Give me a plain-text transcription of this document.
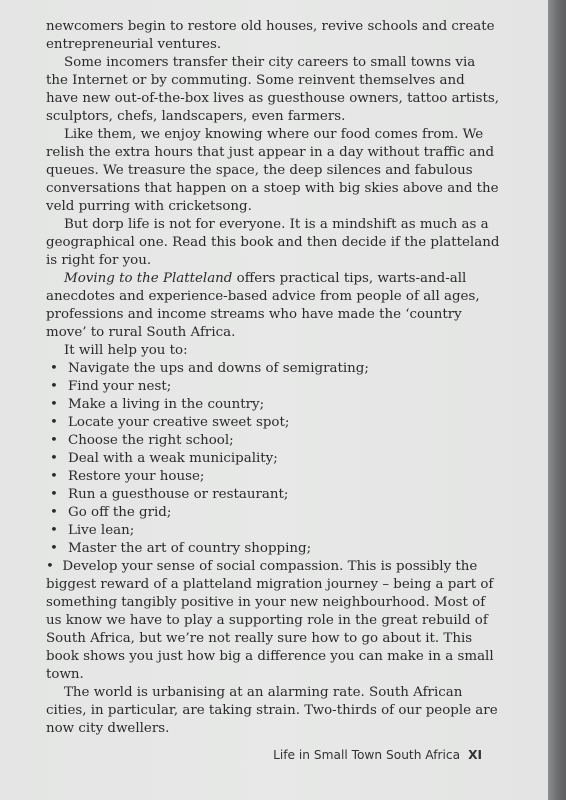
newcomers begin to restore old houses, revive schools and create entrepreneurial ventures.

Some incomers transfer their city careers to small towns via the Internet or by commuting. Some reinvent themselves and have new out-of-the-box lives as guesthouse owners, tattoo artists, sculptors, chefs, landscapers, even farmers.

Like them, we enjoy knowing where our food comes from. We relish the extra hours that just appear in a day without traffic and queues. We treasure the space, the deep silences and fabulous conversations that happen on a stoep with big skies above and the veld purring with cricketsong.

But dorp life is not for everyone. It is a mindshift as much as a geographical one. Read this book and then decide if the platteland is right for you.

Moving to the Platteland offers practical tips, warts-and-all anecdotes and experience-based advice from people of all ages, professions and income streams who have made the ‘country move’ to rural South Africa.

It will help you to:

• Navigate the ups and downs of semigrating;
• Find your nest;
• Make a living in the country;
• Locate your creative sweet spot;
• Choose the right school;
• Deal with a weak municipality;
• Restore your house;
• Run a guesthouse or restaurant;
• Go off the grid;
• Live lean;
• Master the art of country shopping;

• Develop your sense of social compassion. This is possibly the biggest reward of a platteland migration journey – being a part of something tangibly positive in your new neighbourhood. Most of us know we have to play a supporting role in the great rebuild of South Africa, but we’re not really sure how to go about it. This book shows you just how big a difference you can make in a small town.

The world is urbanising at an alarming rate. South African cities, in particular, are taking strain. Two-thirds of our people are now city dwellers.

Life in Small Town South Africa XI
